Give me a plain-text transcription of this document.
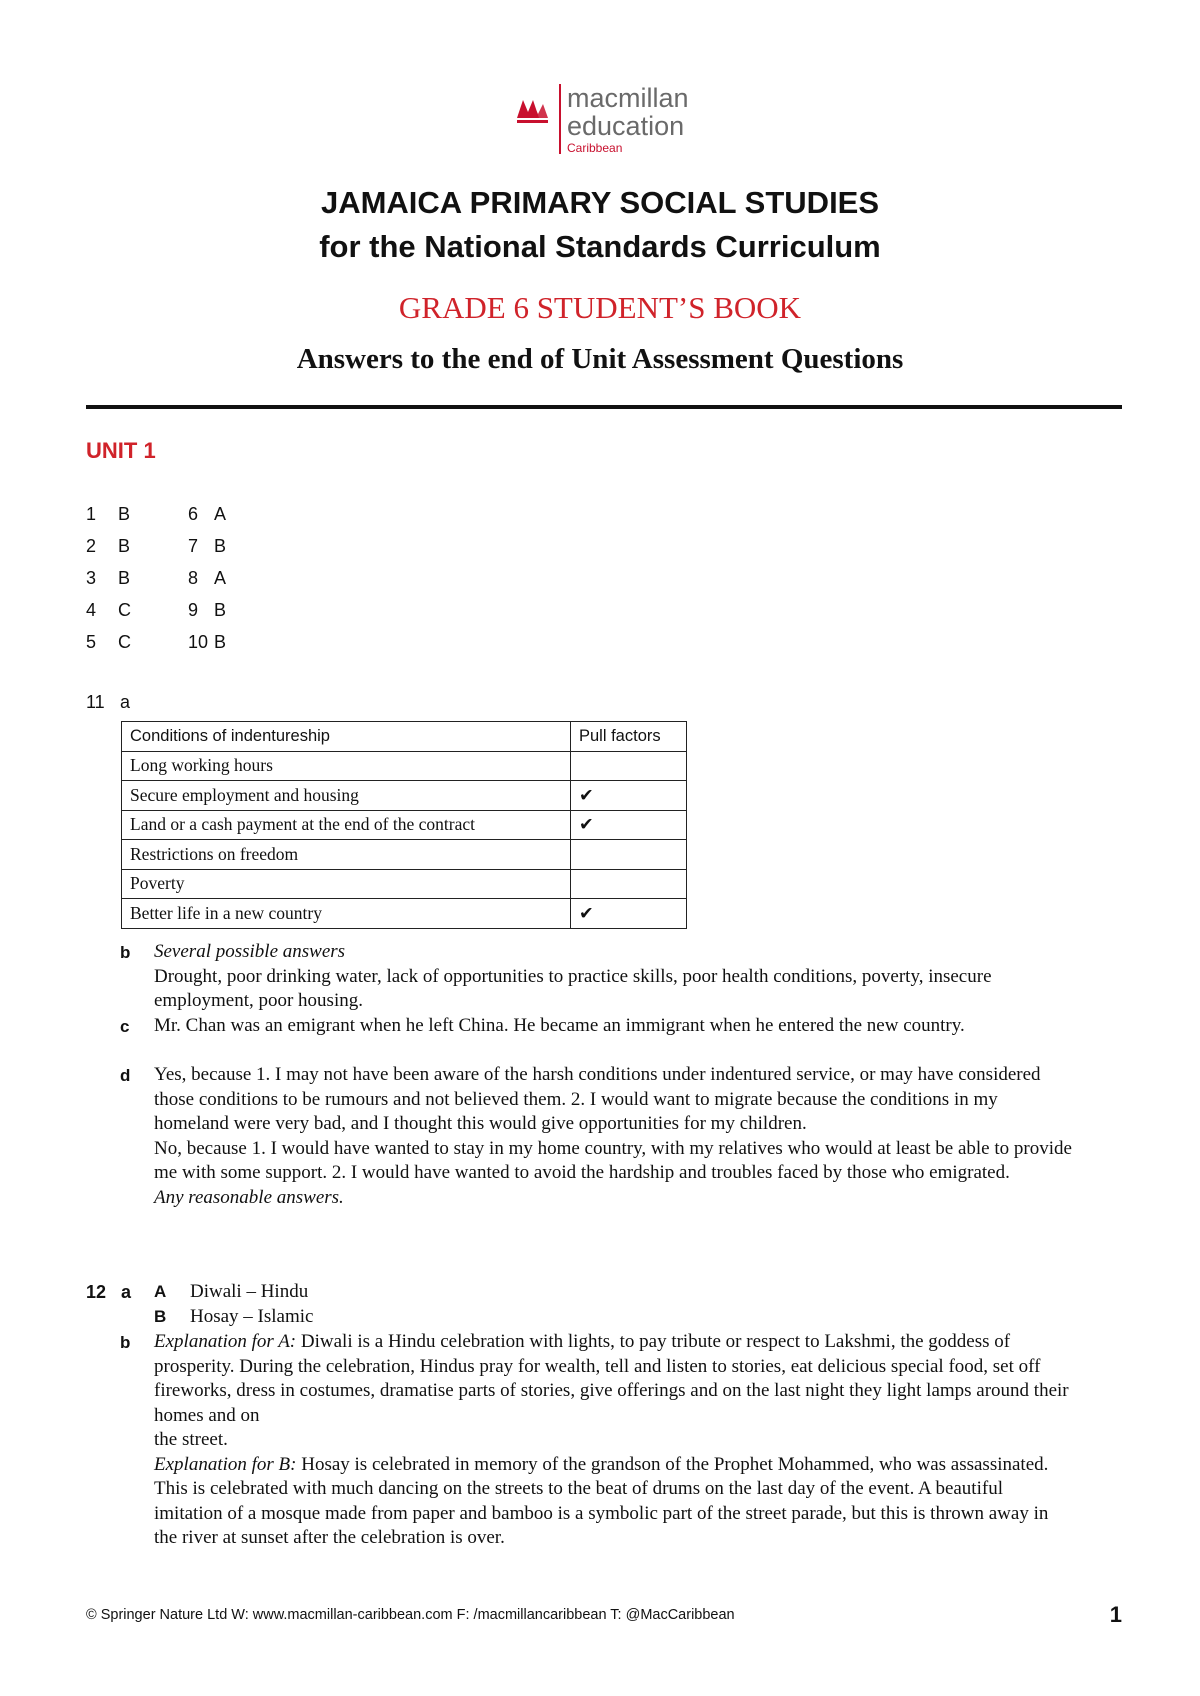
macmillan
education
Caribbean
JAMAICA PRIMARY SOCIAL STUDIES
for the National Standards Curriculum
GRADE 6 STUDENT’S BOOK
Answers to the end of Unit Assessment Questions
UNIT 1
1	B	6 A
2	B	7 B
3	B	8 A
4	C	9 B
5	C	10 B
11 a
Conditions of indentureship	Pull factors
Long working hours	
Secure employment and housing	✔
Land or a cash payment at the end of the contract	✔
Restrictions on freedom	
Poverty	
Better life in a new country	✔
b Several possible answers
Drought, poor drinking water, lack of opportunities to practice skills, poor health conditions, poverty, insecure employment, poor housing.
c Mr. Chan was an emigrant when he left China. He became an immigrant when he entered the new country.
d Yes, because 1. I may not have been aware of the harsh conditions under indentured service, or may have considered those conditions to be rumours and not believed them. 2. I would want to migrate because the conditions in my homeland were very bad, and I thought this would give opportunities for my children.
No, because 1. I would have wanted to stay in my home country, with my relatives who would at least be able to provide me with some support. 2. I would have wanted to avoid the hardship and troubles faced by those who emigrated.
Any reasonable answers.
12 a A	Diwali – Hindu
B	Hosay – Islamic
b Explanation for A: Diwali is a Hindu celebration with lights, to pay tribute or respect to Lakshmi, the goddess of prosperity. During the celebration, Hindus pray for wealth, tell and listen to stories, eat delicious special food, set off fireworks, dress in costumes, dramatise parts of stories, give offerings and on the last night they light lamps around their homes and on
the street.
Explanation for B: Hosay is celebrated in memory of the grandson of the Prophet Mohammed, who was assassinated. This is celebrated with much dancing on the streets to the beat of drums on the last day of the event. A beautiful imitation of a mosque made from paper and bamboo is a symbolic part of the street parade, but this is thrown away in the river at sunset after the celebration is over.
© Springer Nature Ltd W: www.macmillan-caribbean.com F: /macmillancaribbean T: @MacCaribbean	1
